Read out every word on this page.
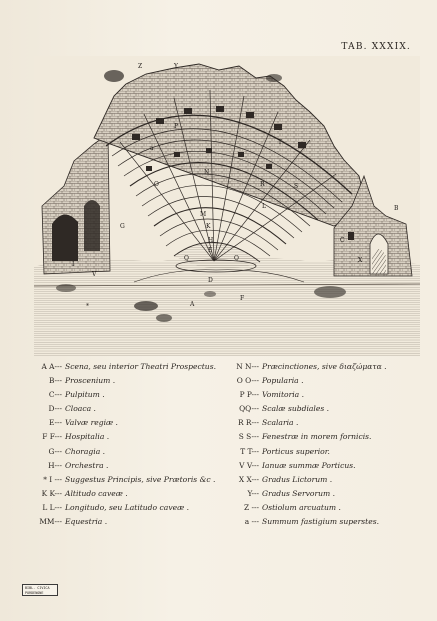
TAB. XXXIX.
Z	Y
V
*	A
F
K
H
E
D
M
Q	Q
R	S
P
T
N
O
L
G
C
B
X
I
a
A A--- Scena, seu interior Theatri Prospectus.
B--- Proscenium .
C--- Pulpitum .
D--- Cloaca .
E--- Valvæ regiæ .
F F--- Hospitalia .
G--- Choragia .
H--- Orchestra .
* I --- Suggestus Principis, sive Prætoris &c .
K K--- Altitudo caveæ .
L L--- Longitudo, seu Latitudo caveæ .
MM--- Equestria .
N N--- Præcinctiones, sive διαζώματα .
O O--- Popularia .
P P--- Vomitoria .
QQ--- Scalæ subdiales .
R R--- Scalaria .
S S--- Fenestræ in morem fornicis.
T T--- Porticus superior.
V V--- Ianuæ summæ Porticus.
X X--- Gradus Lictorum .
Y--- Gradus Servorum .
Z --- Ostiolum arcuatum .
a --- Summum fastigium superstes.
BIBL. CIVICA
PORDENONE
